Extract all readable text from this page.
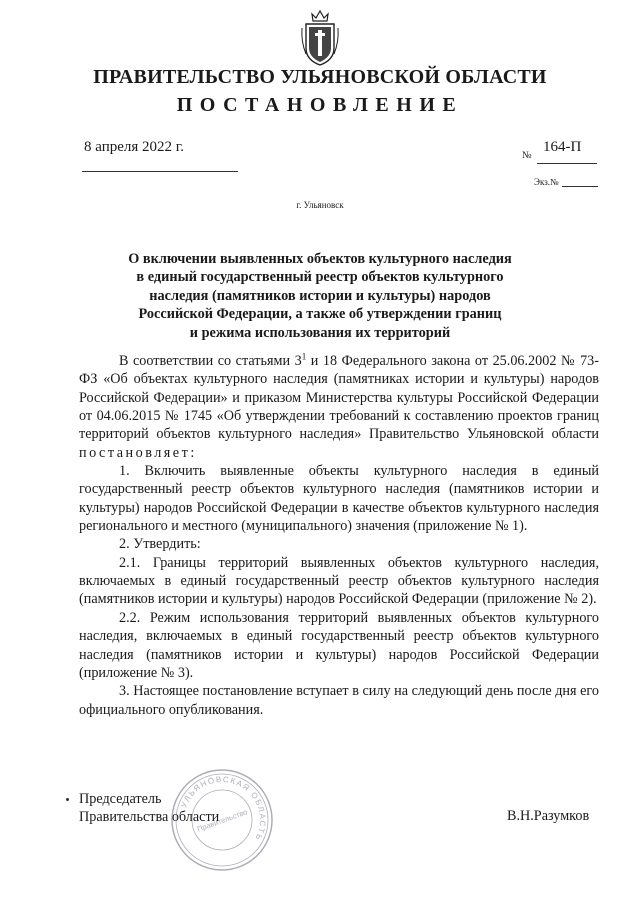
ПРАВИТЕЛЬСТВО УЛЬЯНОВСКОЙ ОБЛАСТИ
ПОСТАНОВЛЕНИЕ
8 апреля 2022 г.	164-П
№
Экз.№
г. Ульяновск
О включении выявленных объектов культурного наследия
в единый государственный реестр объектов культурного
наследия (памятников истории и культуры) народов
Российской Федерации, а также об утверждении границ
и режима использования их территорий

В соответствии со статьями $3^1$ и 18 Федерального закона от 25.06.2002 № 73-ФЗ «Об объектах культурного наследия (памятниках истории и культуры) народов Российской Федерации» и приказом Министерства культуры Российской Федерации от 04.06.2015 № 1745 «Об утверждении требований к составлению проектов границ территорий объектов культурного наследия» Правительство Ульяновской области постановляет:

1. Включить выявленные объекты культурного наследия в единый государственный реестр объектов культурного наследия (памятников истории и культуры) народов Российской Федерации в качестве объектов культурного наследия регионального и местного (муниципального) значения (приложение № 1).

2. Утвердить:

2.1. Границы территорий выявленных объектов культурного наследия, включаемых в единый государственный реестр объектов культурного наследия (памятников истории и культуры) народов Российской Федерации (приложение № 2).

2.2. Режим использования территорий выявленных объектов культурного наследия, включаемых в единый государственный реестр объектов культурного наследия (памятников истории и культуры) народов Российской Федерации (приложение № 3).

3. Настоящее постановление вступает в силу на следующий день после дня его официального опубликования.

Председатель
Правительства области
УЛЬЯНОВСКАЯ ОБЛАСТЬ
Правительство	В.Н.Разумков
